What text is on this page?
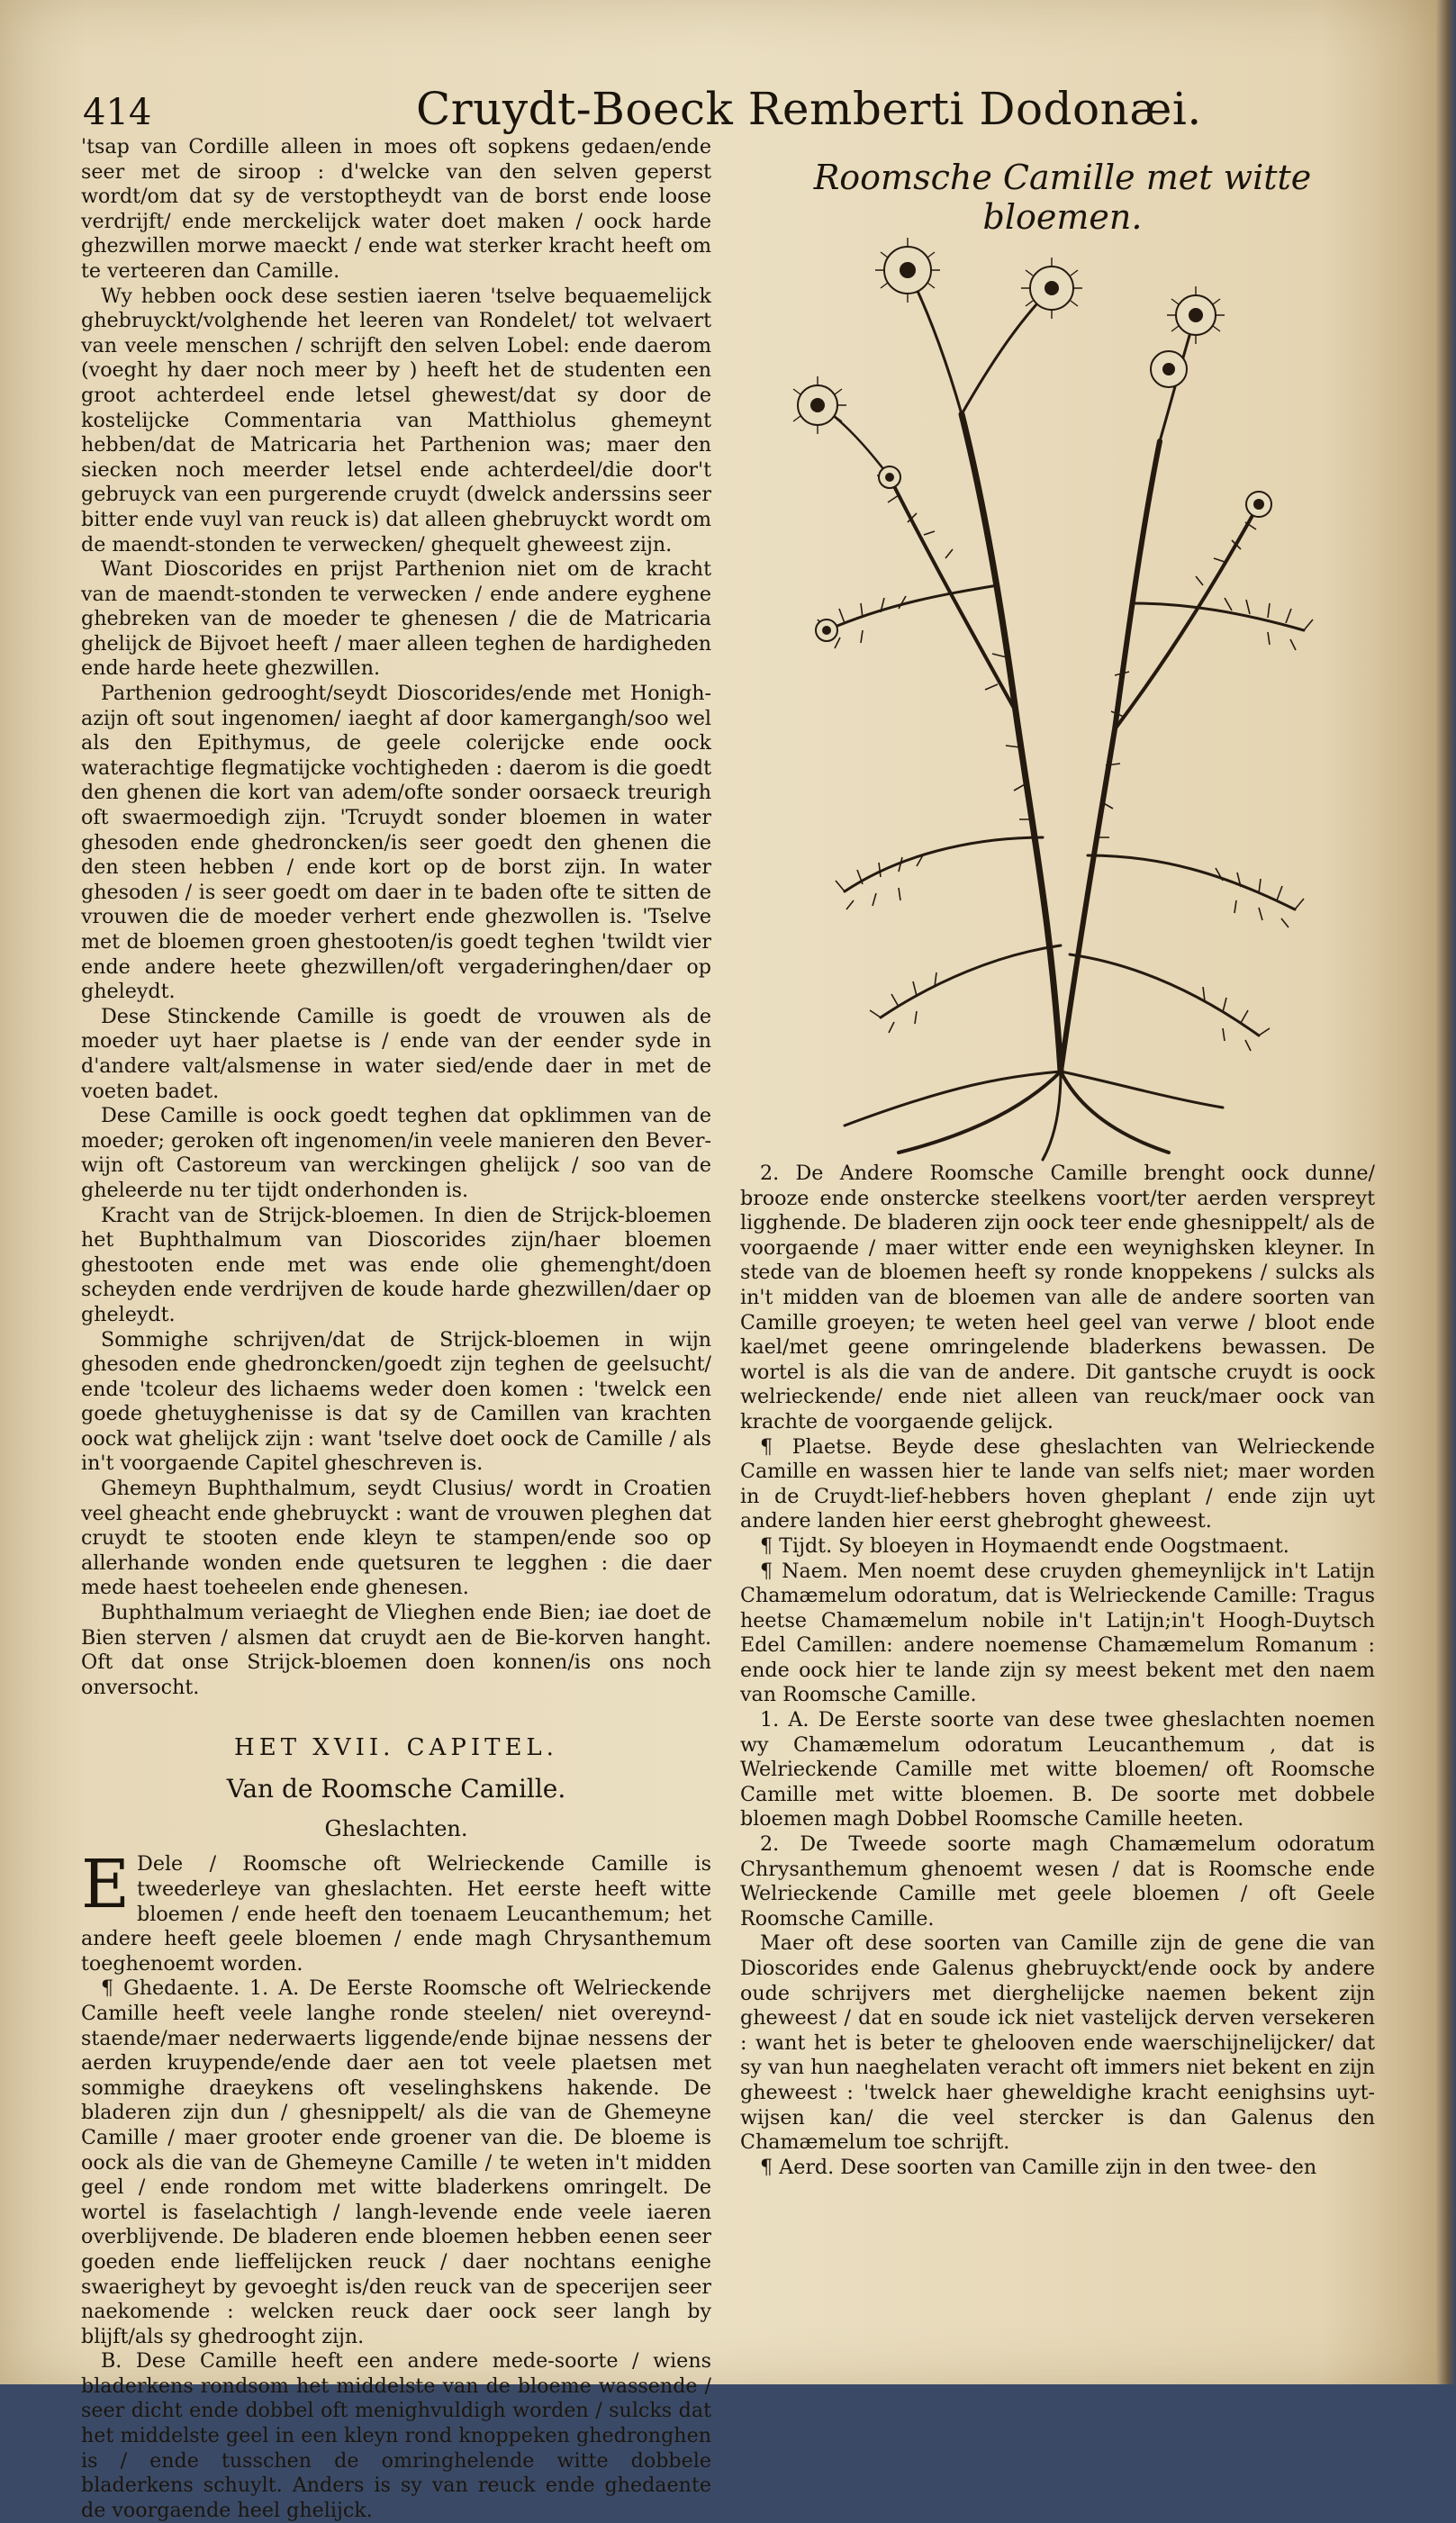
414	Cruydt-Boeck Remberti Dodonæi.

'tsap van Cordille alleen in moes oft sopkens gedaen/ende seer met de siroop : d'welcke van den selven geperst wordt/om dat sy de verstoptheydt van de borst ende loose verdrijft/ ende merckelijck water doet maken / oock harde ghezwillen morwe maeckt / ende wat sterker kracht heeft om te verteeren dan Camille.

Wy hebben oock dese sestien iaeren 'tselve bequaemelijck ghebruyckt/volghende het leeren van Rondelet/ tot welvaert van veele menschen / schrijft den selven Lobel: ende daerom (voeght hy daer noch meer by ) heeft het de studenten een groot achterdeel ende letsel ghewest/dat sy door de kostelijcke Commentaria van Matthiolus ghemeynt hebben/dat de Matricaria het Parthenion was; maer den siecken noch meerder letsel ende achterdeel/die door't gebruyck van een purgerende cruydt (dwelck anderssins seer bitter ende vuyl van reuck is) dat alleen ghebruyckt wordt om de maendt-stonden te verwecken/ ghequelt gheweest zijn.

Want Dioscorides en prijst Parthenion niet om de kracht van de maendt-stonden te verwecken / ende andere eyghene ghebreken van de moeder te ghenesen / die de Matricaria ghelijck de Bijvoet heeft / maer alleen teghen de hardigheden ende harde heete ghezwillen.

Parthenion gedrooght/seydt Dioscorides/ende met Honigh-azijn oft sout ingenomen/ iaeght af door kamergangh/soo wel als den Epithymus, de geele colerijcke ende oock waterachtige flegmatijcke vochtigheden : daerom is die goedt den ghenen die kort van adem/ofte sonder oorsaeck treurigh oft swaermoedigh zijn. 'Tcruydt sonder bloemen in water ghesoden ende ghedroncken/is seer goedt den ghenen die den steen hebben / ende kort op de borst zijn. In water ghesoden / is seer goedt om daer in te baden ofte te sitten de vrouwen die de moeder verhert ende ghezwollen is. 'Tselve met de bloemen groen ghestooten/is goedt teghen 'twildt vier ende andere heete ghezwillen/oft vergaderinghen/daer op gheleydt.

Dese Stinckende Camille is goedt de vrouwen als de moeder uyt haer plaetse is / ende van der eender syde in d'andere valt/alsmense in water sied/ende daer in met de voeten badet.

Dese Camille is oock goedt teghen dat opklimmen van de moeder; geroken oft ingenomen/in veele manieren den Bever-wijn oft Castoreum van werckingen ghelijck / soo van de gheleerde nu ter tijdt onderhonden is.

Kracht van de Strijck-bloemen. In dien de Strijck-bloemen het Buphthalmum van Dioscorides zijn/haer bloemen ghestooten ende met was ende olie ghemenght/doen scheyden ende verdrijven de koude harde ghezwillen/daer op gheleydt.

Sommighe schrijven/dat de Strijck-bloemen in wijn ghesoden ende ghedroncken/goedt zijn teghen de geelsucht/ ende 'tcoleur des lichaems weder doen komen : 'twelck een goede ghetuyghenisse is dat sy de Camillen van krachten oock wat ghelijck zijn : want 'tselve doet oock de Camille / als in't voorgaende Capitel gheschreven is.

Ghemeyn Buphthalmum, seydt Clusius/ wordt in Croatien veel gheacht ende ghebruyckt : want de vrouwen pleghen dat cruydt te stooten ende kleyn te stampen/ende soo op allerhande wonden ende quetsuren te legghen : die daer mede haest toeheelen ende ghenesen.

Buphthalmum veriaeght de Vlieghen ende Bien; iae doet de Bien sterven / alsmen dat cruydt aen de Bie-korven hanght. Oft dat onse Strijck-bloemen doen konnen/is ons noch onversocht.

HET XVII. CAPITEL.
Van de Roomsche Camille.
Gheslachten.

E Dele / Roomsche oft Welrieckende Camille is tweederleye van gheslachten. Het eerste heeft witte bloemen / ende heeft den toenaem Leucanthemum; het andere heeft geele bloemen / ende magh Chrysanthemum toeghenoemt worden.

¶ Ghedaente. 1. A. De Eerste Roomsche oft Welrieckende Camille heeft veele langhe ronde steelen/ niet overeynd-staende/maer nederwaerts liggende/ende bijnae nessens der aerden kruypende/ende daer aen tot veele plaetsen met sommighe draeykens oft veselinghskens hakende. De bladeren zijn dun / ghesnippelt/ als die van de Ghemeyne Camille / maer grooter ende groener van die. De bloeme is oock als die van de Ghemeyne Camille / te weten in't midden geel / ende rondom met witte bladerkens omringelt. De wortel is faselachtigh / langh-levende ende veele iaeren overblijvende. De bladeren ende bloemen hebben eenen seer goeden ende lieffelijcken reuck / daer nochtans eenighe swaerigheyt by gevoeght is/den reuck van de specerijen seer naekomende : welcken reuck daer oock seer langh by blijft/als sy ghedrooght zijn.

B. Dese Camille heeft een andere mede-soorte / wiens bladerkens rondsom het middelste van de bloeme wassende / seer dicht ende dobbel oft menighvuldigh worden / sulcks dat het middelste geel in een kleyn rond knoppeken ghedronghen is / ende tusschen de omringhelende witte dobbele bladerkens schuylt. Anders is sy van reuck ende ghedaente de voorgaende heel ghelijck.

Roomsche Camille met witte bloemen.

2. De Andere Roomsche Camille brenght oock dunne/ brooze ende onstercke steelkens voort/ter aerden verspreyt ligghende. De bladeren zijn oock teer ende ghesnippelt/ als de voorgaende / maer witter ende een weynighsken kleyner. In stede van de bloemen heeft sy ronde knoppekens / sulcks als in't midden van de bloemen van alle de andere soorten van Camille groeyen; te weten heel geel van verwe / bloot ende kael/met geene omringelende bladerkens bewassen. De wortel is als die van de andere. Dit gantsche cruydt is oock welrieckende/ ende niet alleen van reuck/maer oock van krachte de voorgaende gelijck.

¶ Plaetse. Beyde dese gheslachten van Welrieckende Camille en wassen hier te lande van selfs niet; maer worden in de Cruydt-lief-hebbers hoven gheplant / ende zijn uyt andere landen hier eerst ghebroght gheweest.

¶ Tijdt. Sy bloeyen in Hoymaendt ende Oogstmaent.

¶ Naem. Men noemt dese cruyden ghemeynlijck in't Latijn Chamæmelum odoratum, dat is Welrieckende Camille: Tragus heetse Chamæmelum nobile in't Latijn;in't Hoogh-Duytsch Edel Camillen: andere noemense Chamæmelum Romanum : ende oock hier te lande zijn sy meest bekent met den naem van Roomsche Camille.

1. A. De Eerste soorte van dese twee gheslachten noemen wy Chamæmelum odoratum Leucanthemum , dat is Welrieckende Camille met witte bloemen/ oft Roomsche Camille met witte bloemen. B. De soorte met dobbele bloemen magh Dobbel Roomsche Camille heeten.

2. De Tweede soorte magh Chamæmelum odoratum Chrysanthemum ghenoemt wesen / dat is Roomsche ende Welrieckende Camille met geele bloemen / oft Geele Roomsche Camille.

Maer oft dese soorten van Camille zijn de gene die van Dioscorides ende Galenus ghebruyckt/ende oock by andere oude schrijvers met dierghelijcke naemen bekent zijn gheweest / dat en soude ick niet vastelijck derven versekeren : want het is beter te ghelooven ende waerschijnelijcker/ dat sy van hun naeghelaten veracht oft immers niet bekent en zijn gheweest : 'twelck haer gheweldighe kracht eenighsins uyt-wijsen kan/ die veel stercker is dan Galenus den Chamæmelum toe schrijft.

¶ Aerd. Dese soorten van Camille zijn in den twee- den
